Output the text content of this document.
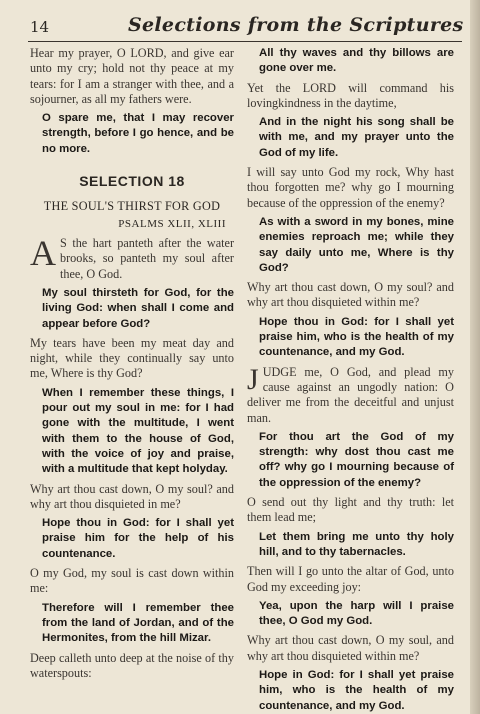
14	Selections from the Scriptures

Hear my prayer, O LORD, and give ear unto my cry; hold not thy peace at my tears: for I am a stranger with thee, and a sojourner, as all my fathers were.

O spare me, that I may recover strength, before I go hence, and be no more.

SELECTION 18
THE SOUL'S THIRST FOR GOD
PSALMS XLII, XLIII

A S the hart panteth after the water brooks, so panteth my soul after thee, O God.

My soul thirsteth for God, for the living God: when shall I come and appear before God?

My tears have been my meat day and night, while they continually say unto me, Where is thy God?

When I remember these things, I pour out my soul in me: for I had gone with the multitude, I went with them to the house of God, with the voice of joy and praise, with a multitude that kept holyday.

Why art thou cast down, O my soul? and why art thou disquieted in me?

Hope thou in God: for I shall yet praise him for the help of his countenance.

O my God, my soul is cast down within me:

Therefore will I remember thee from the land of Jordan, and of the Hermonites, from the hill Mizar.

Deep calleth unto deep at the noise of thy waterspouts:

All thy waves and thy billows are gone over me.

Yet the LORD will command his lovingkindness in the daytime,

And in the night his song shall be with me, and my prayer unto the God of my life.

I will say unto God my rock, Why hast thou forgotten me? why go I mourning because of the oppression of the enemy?

As with a sword in my bones, mine enemies reproach me; while they say daily unto me, Where is thy God?

Why art thou cast down, O my soul? and why art thou disquieted within me?

Hope thou in God: for I shall yet praise him, who is the health of my countenance, and my God.

JUDGE me, O God, and plead my cause against an ungodly nation: O deliver me from the deceitful and unjust man.

For thou art the God of my strength: why dost thou cast me off? why go I mourning because of the oppression of the enemy?

O send out thy light and thy truth: let them lead me;

Let them bring me unto thy holy hill, and to thy tabernacles.

Then will I go unto the altar of God, unto God my exceeding joy:

Yea, upon the harp will I praise thee, O God my God.

Why art thou cast down, O my soul, and why art thou disquieted within me?

Hope in God: for I shall yet praise him, who is the health of my countenance, and my God.
